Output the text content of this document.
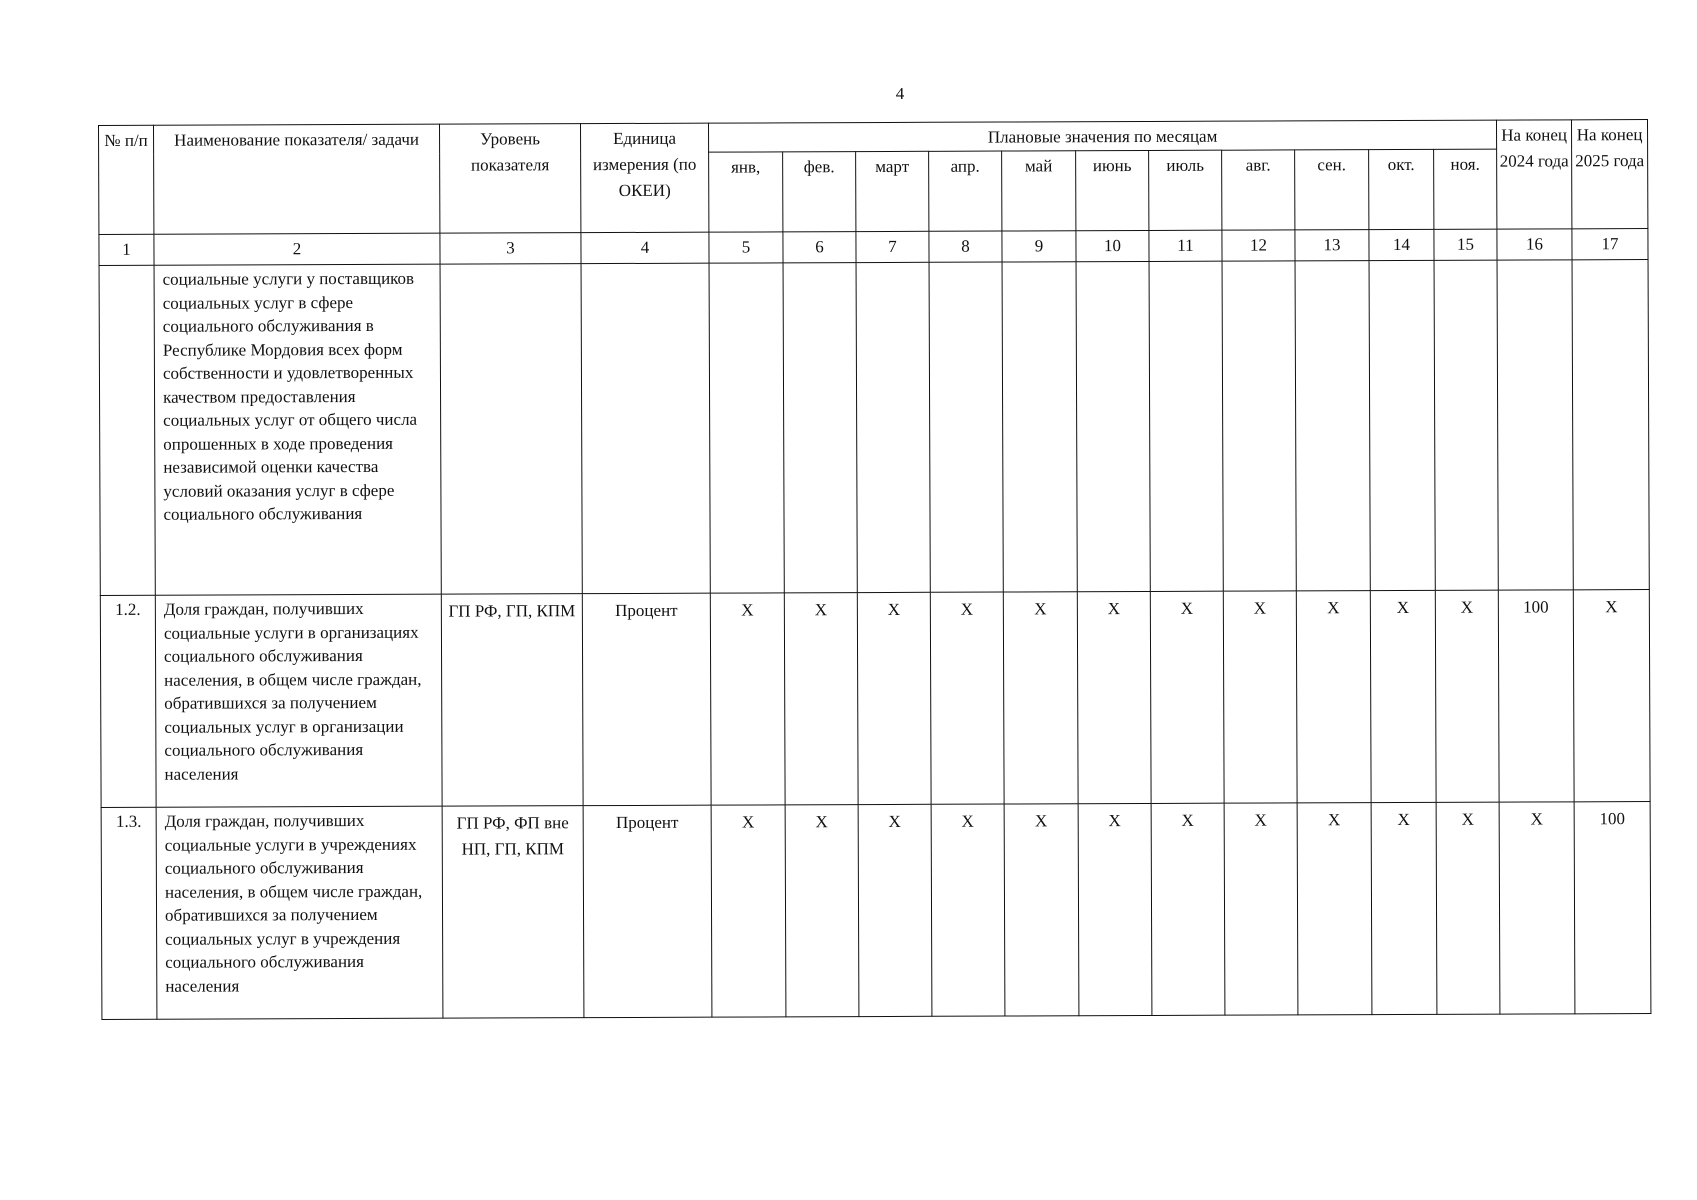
4
№ п/п	Наименование показателя/ задачи	Уровень показателя	Единица измерения (по ОКЕИ)	Плановые значения по месяцам											На конец 2024 года	На конец 2025 года
				янв,	фев.	март	апр.	май	июнь	июль	авг.	сен.	окт.	ноя.		
1	2	3	4	5	6	7	8	9	10	11	12	13	14	15	16	17
	социальные услуги у поставщиков социальных услуг в сфере социального обслуживания в Республике Мордовия всех форм собственности и удовлетворенных качеством предоставления социальных услуг от общего числа опрошенных в ходе проведения независимой оценки качества условий оказания услуг в сфере социального обслуживания															
1.2.	Доля граждан, получивших социальные услуги в организациях социального обслуживания населения, в общем числе граждан, обратившихся за получением социальных услуг в организации социального обслуживания населения	ГП РФ, ГП, КПМ	Процент	Х	Х	Х	Х	Х	Х	Х	Х	Х	Х	Х	100	Х
1.3.	Доля граждан, получивших социальные услуги в учреждениях социального обслуживания населения, в общем числе граждан, обратившихся за получением социальных услуг в учреждения социального обслуживания населения	ГП РФ, ФП вне НП, ГП, КПМ	Процент	Х	Х	Х	Х	Х	Х	Х	Х	Х	Х	Х	Х	100
